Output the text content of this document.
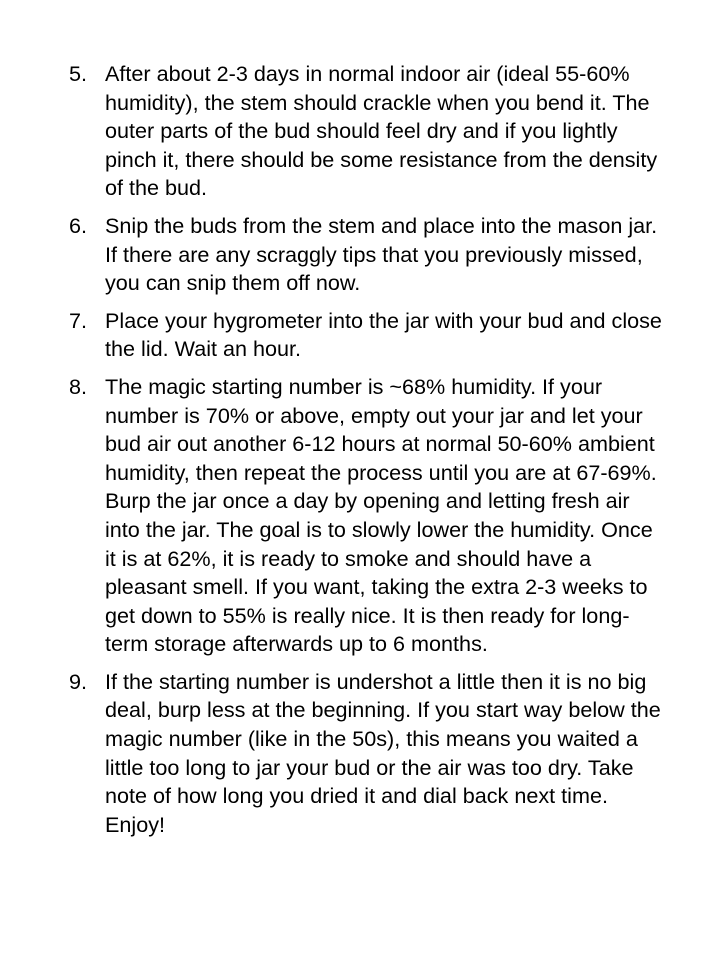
5. After about 2-3 days in normal indoor air (ideal 55-60% humidity), the stem should crackle when you bend it. The outer parts of the bud should feel dry and if you lightly pinch it, there should be some resistance from the density of the bud.
6. Snip the buds from the stem and place into the mason jar. If there are any scraggly tips that you previously missed, you can snip them off now.
7. Place your hygrometer into the jar with your bud and close the lid. Wait an hour.
8. The magic starting number is ~68% humidity. If your number is 70% or above, empty out your jar and let your bud air out another 6-12 hours at normal 50-60% ambient humidity, then repeat the process until you are at 67-69%. Burp the jar once a day by opening and letting fresh air into the jar. The goal is to slowly lower the humidity. Once it is at 62%, it is ready to smoke and should have a pleasant smell. If you want, taking the extra 2-3 weeks to get down to 55% is really nice. It is then ready for long-term storage afterwards up to 6 months.
9. If the starting number is undershot a little then it is no big deal, burp less at the beginning. If you start way below the magic number (like in the 50s), this means you waited a little too long to jar your bud or the air was too dry. Take note of how long you dried it and dial back next time. Enjoy!
